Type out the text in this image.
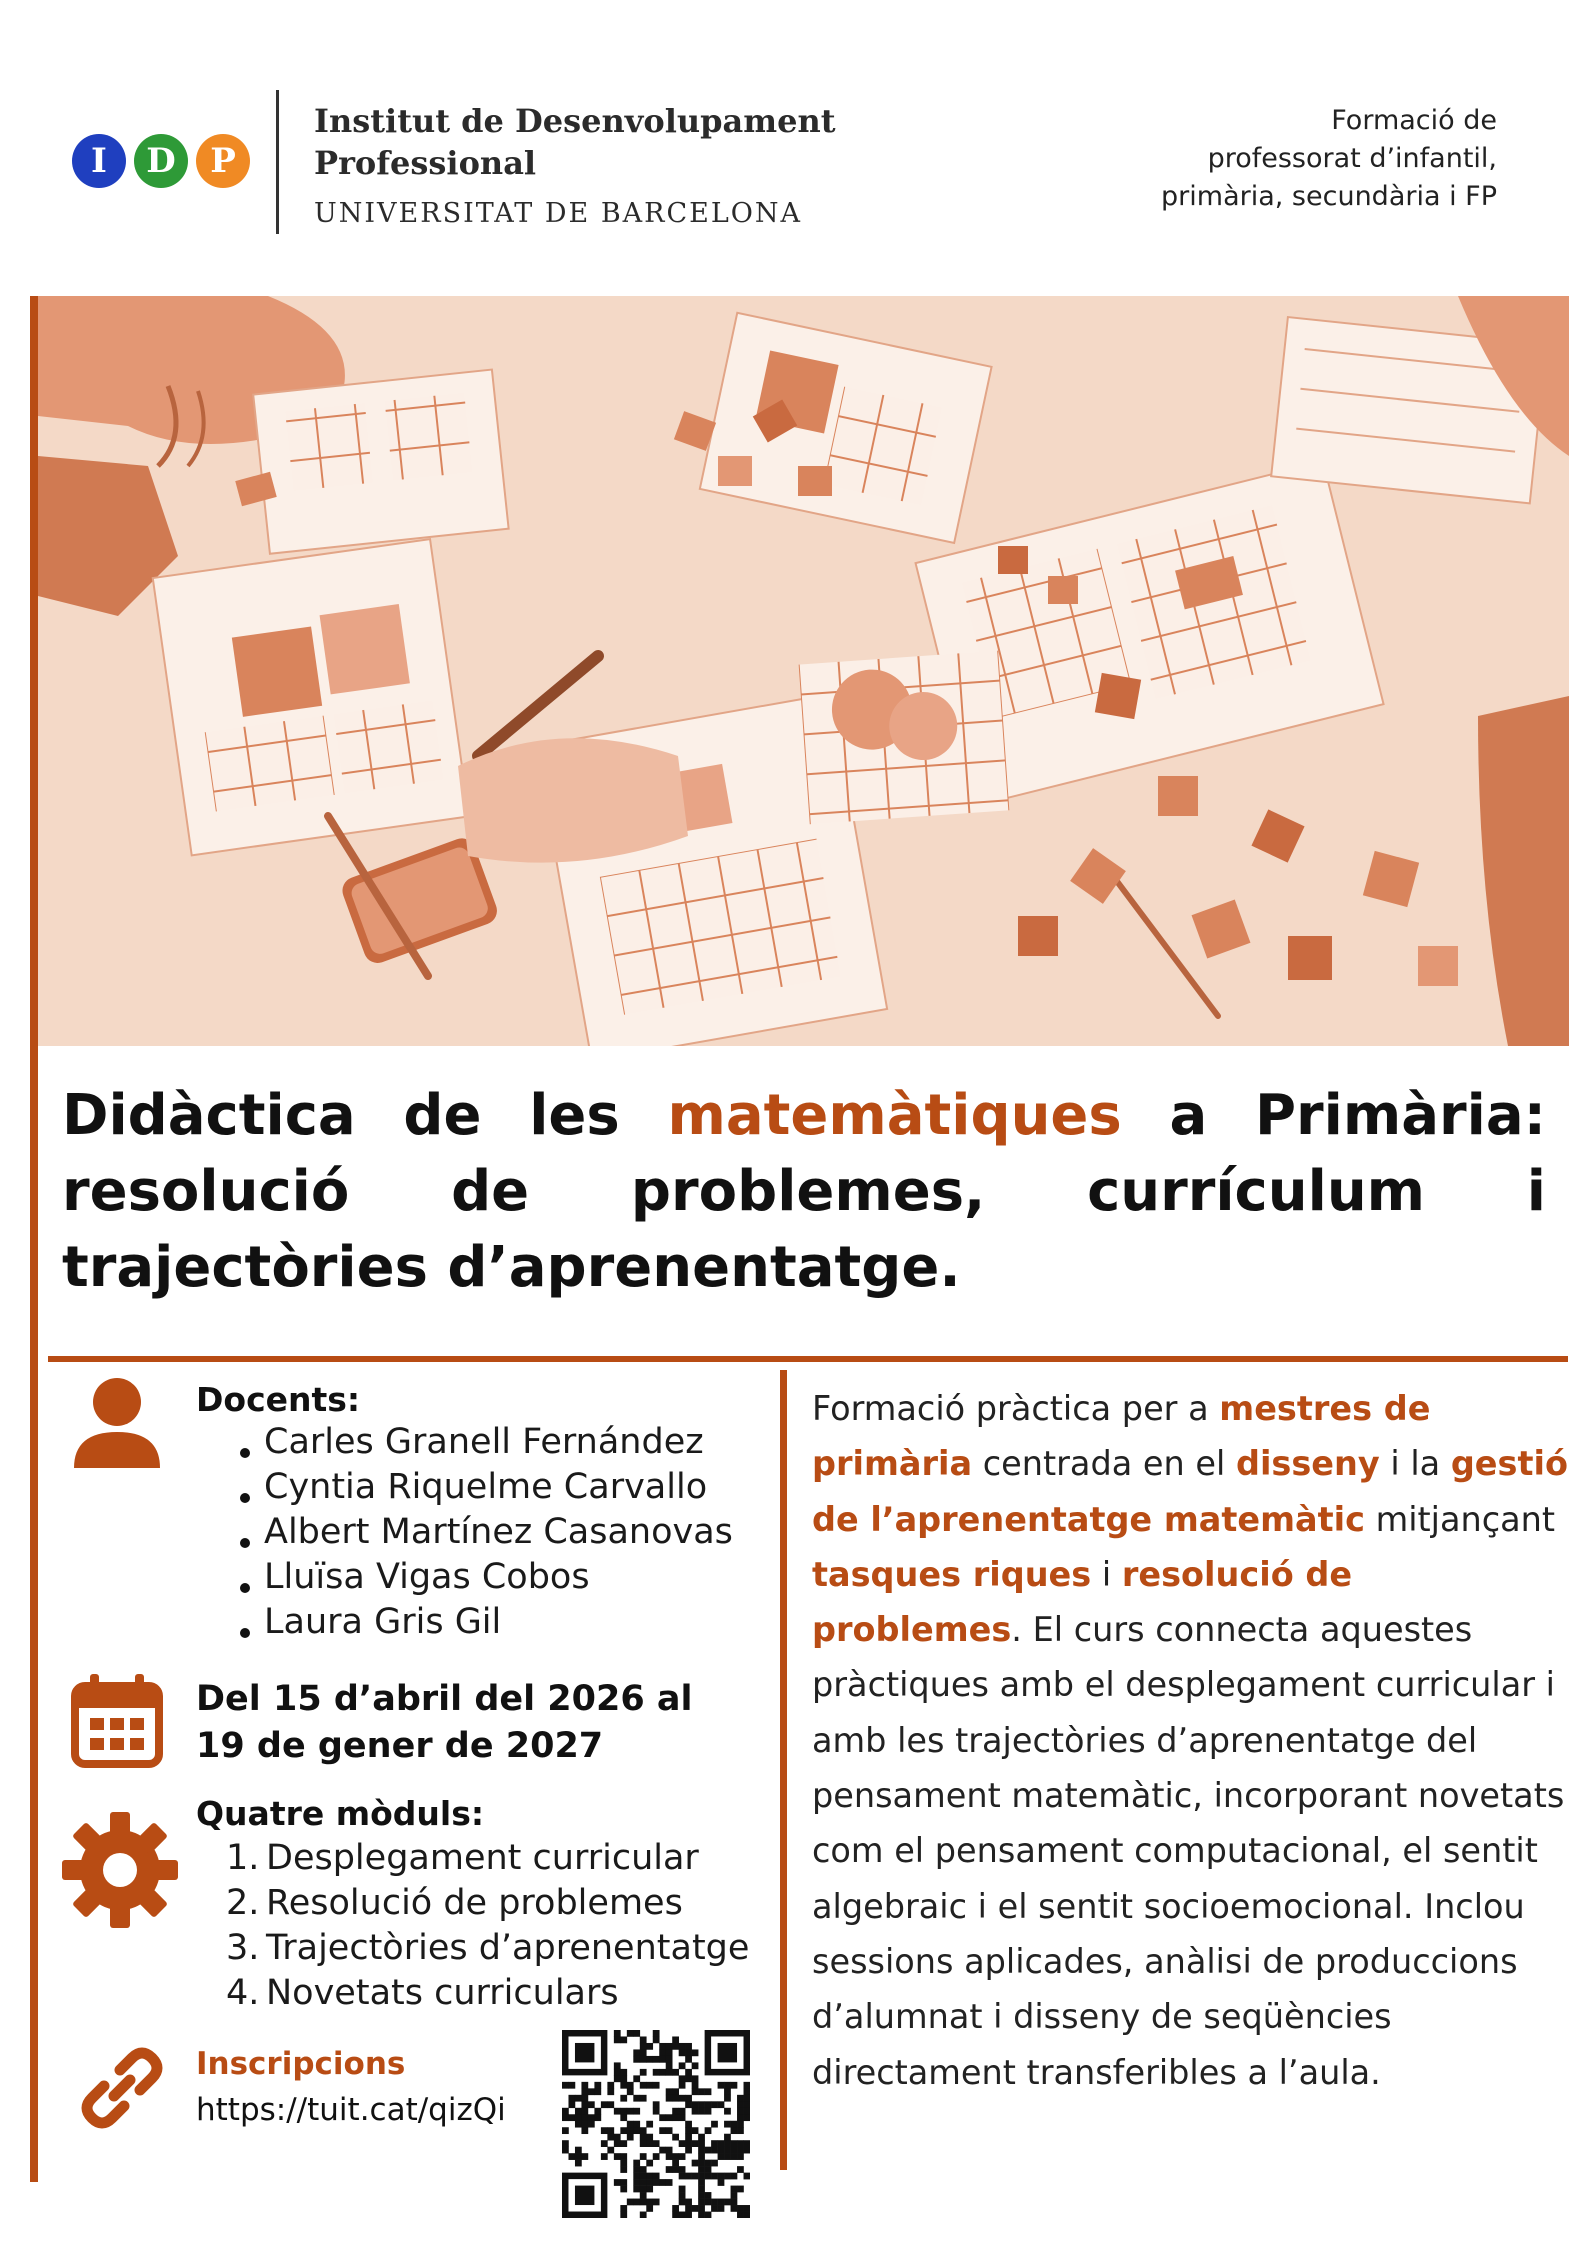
I	D	P
Institut de Desenvolupament
Professional
UNIVERSITAT DE BARCELONA
Formació de
professorat d’infantil,
primària, secundària i FP
Didàctica de les matemàtiques a Primària: resolució de problemes, currículum i trajectòries d’aprenentatge.
Docents:
Carles Granell Fernández
Cyntia Riquelme Carvallo
Albert Martínez Casanovas
Lluïsa Vigas Cobos
Laura Gris Gil
Del 15 d’abril del 2026 al
19 de gener de 2027
Quatre mòduls:
1. Desplegament curricular
2. Resolució de problemes
3. Trajectòries d’aprenentatge
4. Novetats curriculars
Inscripcions
https://tuit.cat/qizQi
Formació pràctica per a mestres de primària centrada en el disseny i la gestió de l’aprenentatge matemàtic mitjançant tasques riques i resolució de problemes. El curs connecta aquestes pràctiques amb el desplegament curricular i amb les trajectòries d’aprenentatge del pensament matemàtic, incorporant novetats com el pensament computacional, el sentit algebraic i el sentit socioemocional. Inclou sessions aplicades, anàlisi de produccions d’alumnat i disseny de seqüències directament transferibles a l’aula.
